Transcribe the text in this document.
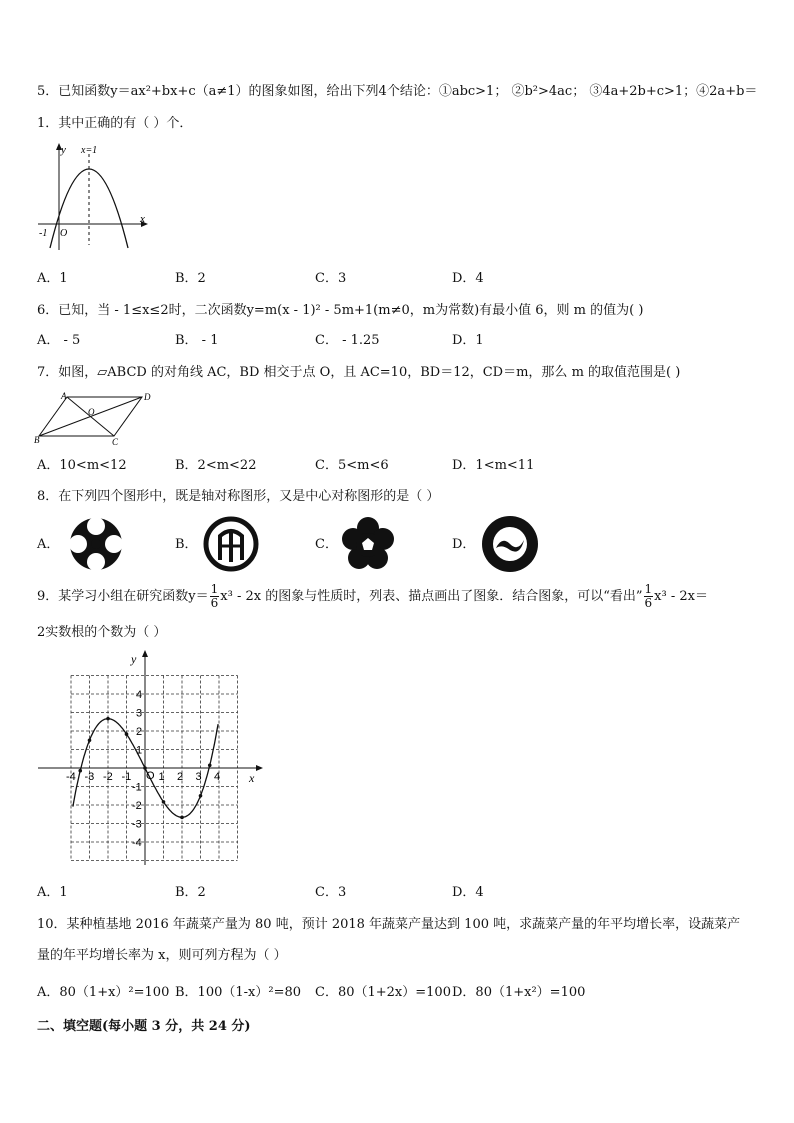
5．已知函数y＝ax²+bx+c（a≠1）的图象如图，给出下列4个结论：①abc>1； ②b²>4ac； ③4a+2b+c>1；④2a+b＝
1．其中正确的有（ ）个．
y x=1
x
-1 O
A．1	B．2	C．3	D．4
6．已知，当 - 1≤x≤2时，二次函数y=m(x - 1)² - 5m+1(m≠0，m为常数)有最小值 6，则 m 的值为( )
A． - 5	B． - 1	C． - 1.25	D．1
7．如图，▱ABCD 的对角线 AC，BD 相交于点 O，且 AC=10，BD＝12，CD＝m，那么 m 的取值范围是( )
A	D
B	C
O
A．10<m<12	B．2<m<22	C．5<m<6	D．1<m<11
8．在下列四个图形中，既是轴对称图形，又是中心对称图形的是（ ）
A．	B．	C．	D．
9．某学习小组在研究函数$y= \frac{1}{6} x^3 - 2x$ 的图象与性质时，列表、描点画出了图象．结合图象，可以“看出” $\frac{1}{6} x^3 - 2x=$
2实数根的个数为（ ）
y
x
O
-4 -3 -2 -1 1 2 3 4
4
3
2
1
-1
-2
-3
-4
A．1	B．2	C．3	D．4
10．某种植基地 2016 年蔬菜产量为 80 吨，预计 2018 年蔬菜产量达到 100 吨，求蔬菜产量的年平均增长率，设蔬菜产
量的年平均增长率为 x，则可列方程为（ ）
A．80（1+x）²=100 B．100（1-x）²=80 C．80（1+2x）=100 D．80（1+x²）=100
二、填空题(每小题 3 分，共 24 分)
